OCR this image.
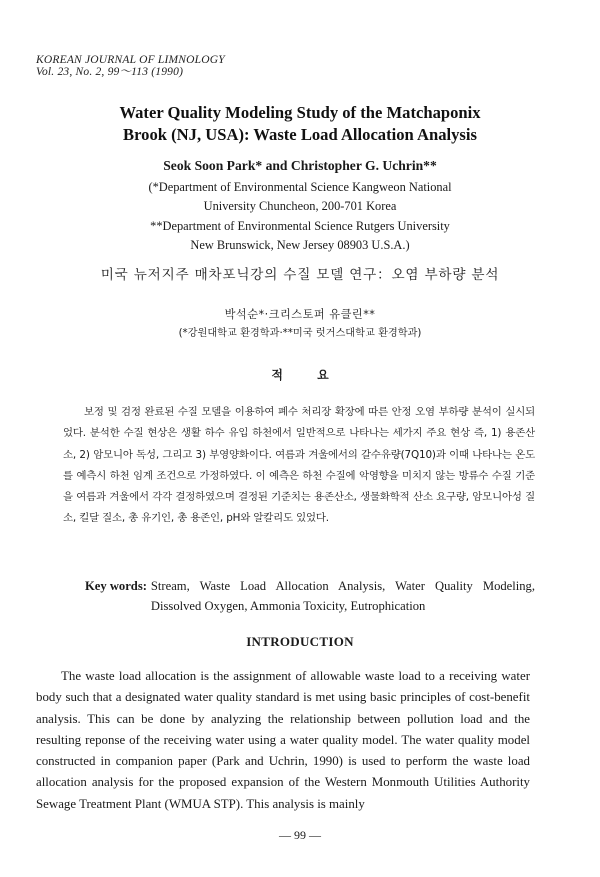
KOREAN JOURNAL OF LIMNOLOGY
Vol. 23, No. 2, 99～113 (1990)
Water Quality Modeling Study of the Matchaponix
Brook (NJ, USA): Waste Load Allocation Analysis
Seok Soon Park* and Christopher G. Uchrin**
(*Department of Environmental Science Kangweon National
University Chuncheon, 200-701 Korea
**Department of Environmental Science Rutgers University
New Brunswick, New Jersey 08903 U.S.A.)
미국 뉴저지주 매차포닉강의 수질 모델 연구：오염 부하량 분석
박석순*·크리스토퍼 유클린**
(*강원대학교 환경학과·**미국 럿거스대학교 환경학과)
적 요
보정 및 검정 완료된 수질 모델을 이용하여 폐수 처리장 확장에 따른 안정 오염 부하량 분석이 실시되었다. 분석한 수질 현상은 생활 하수 유입 하천에서 일반적으로 나타나는 세가지 주요 현상 즉, 1) 용존산소, 2) 암모니아 독성, 그리고 3) 부영양화이다. 여름과 겨울에서의 갈수유량(7Q10)과 이때 나타나는 온도를 예측시 하천 임계 조건으로 가정하였다. 이 예측은 하천 수질에 악영향을 미치지 않는 방류수 수질 기준을 여름과 겨울에서 각각 결정하였으며 결정된 기준치는 용존산소, 생물화학적 산소 요구량, 암모니아성 질소, 킬달 질소, 총 유기인, 총 용존인, pH와 알칼리도 있었다.
Key words: Stream, Waste Load Allocation Analysis, Water Quality Modeling, Dissolved Oxygen, Ammonia Toxicity, Eutrophication
INTRODUCTION
The waste load allocation is the assignment of allowable waste load to a receiving water body such that a designated water quality standard is met using basic principles of cost-benefit analysis. This can be done by analyzing the relationship between pollution load and the resulting reponse of the receiving water using a water quality model. The water quality model constructed in companion paper (Park and Uchrin, 1990) is used to perform the waste load allocation analysis for the proposed expansion of the Western Monmouth Utilities Authority Sewage Treatment Plant (WMUA STP). This analysis is mainly
— 99 —
